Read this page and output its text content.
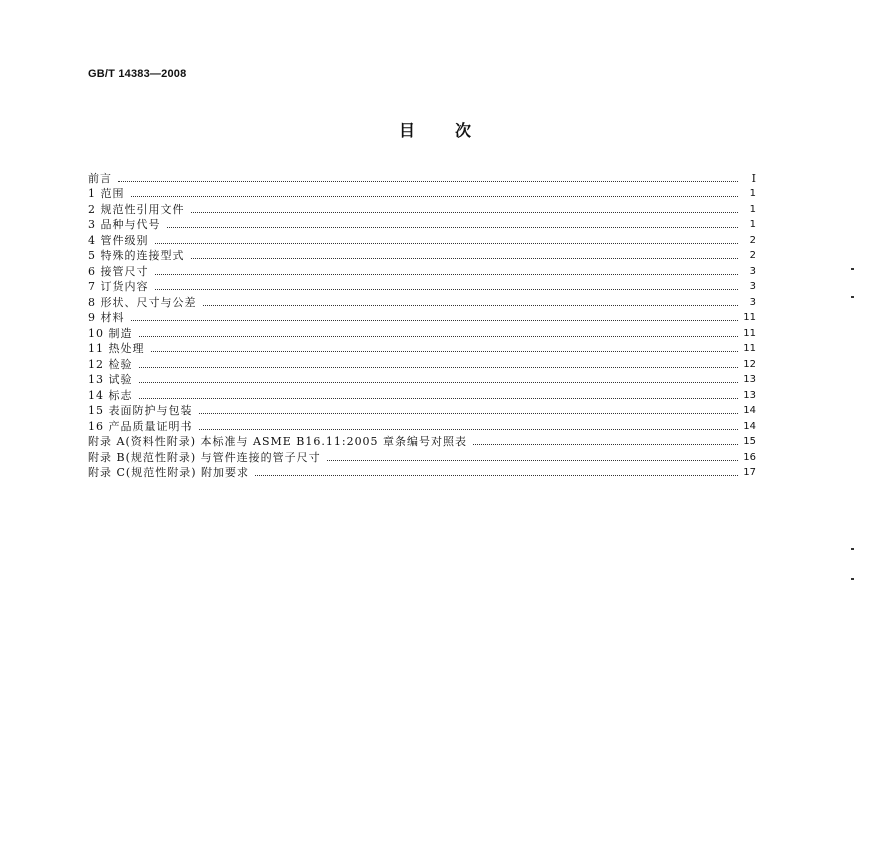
GB/T 14383—2008
目次
前言	I
1 范围	1
2 规范性引用文件	1
3 品种与代号	1
4 管件级别	2
5 特殊的连接型式	2
6 接管尺寸	3
7 订货内容	3
8 形状、尺寸与公差	3
9 材料	11
10 制造	11
11 热处理	11
12 检验	12
13 试验	13
14 标志	13
15 表面防护与包装	14
16 产品质量证明书	14
附录 A(资料性附录) 本标准与 ASME B16.11:2005 章条编号对照表	15
附录 B(规范性附录) 与管件连接的管子尺寸	16
附录 C(规范性附录) 附加要求	17
